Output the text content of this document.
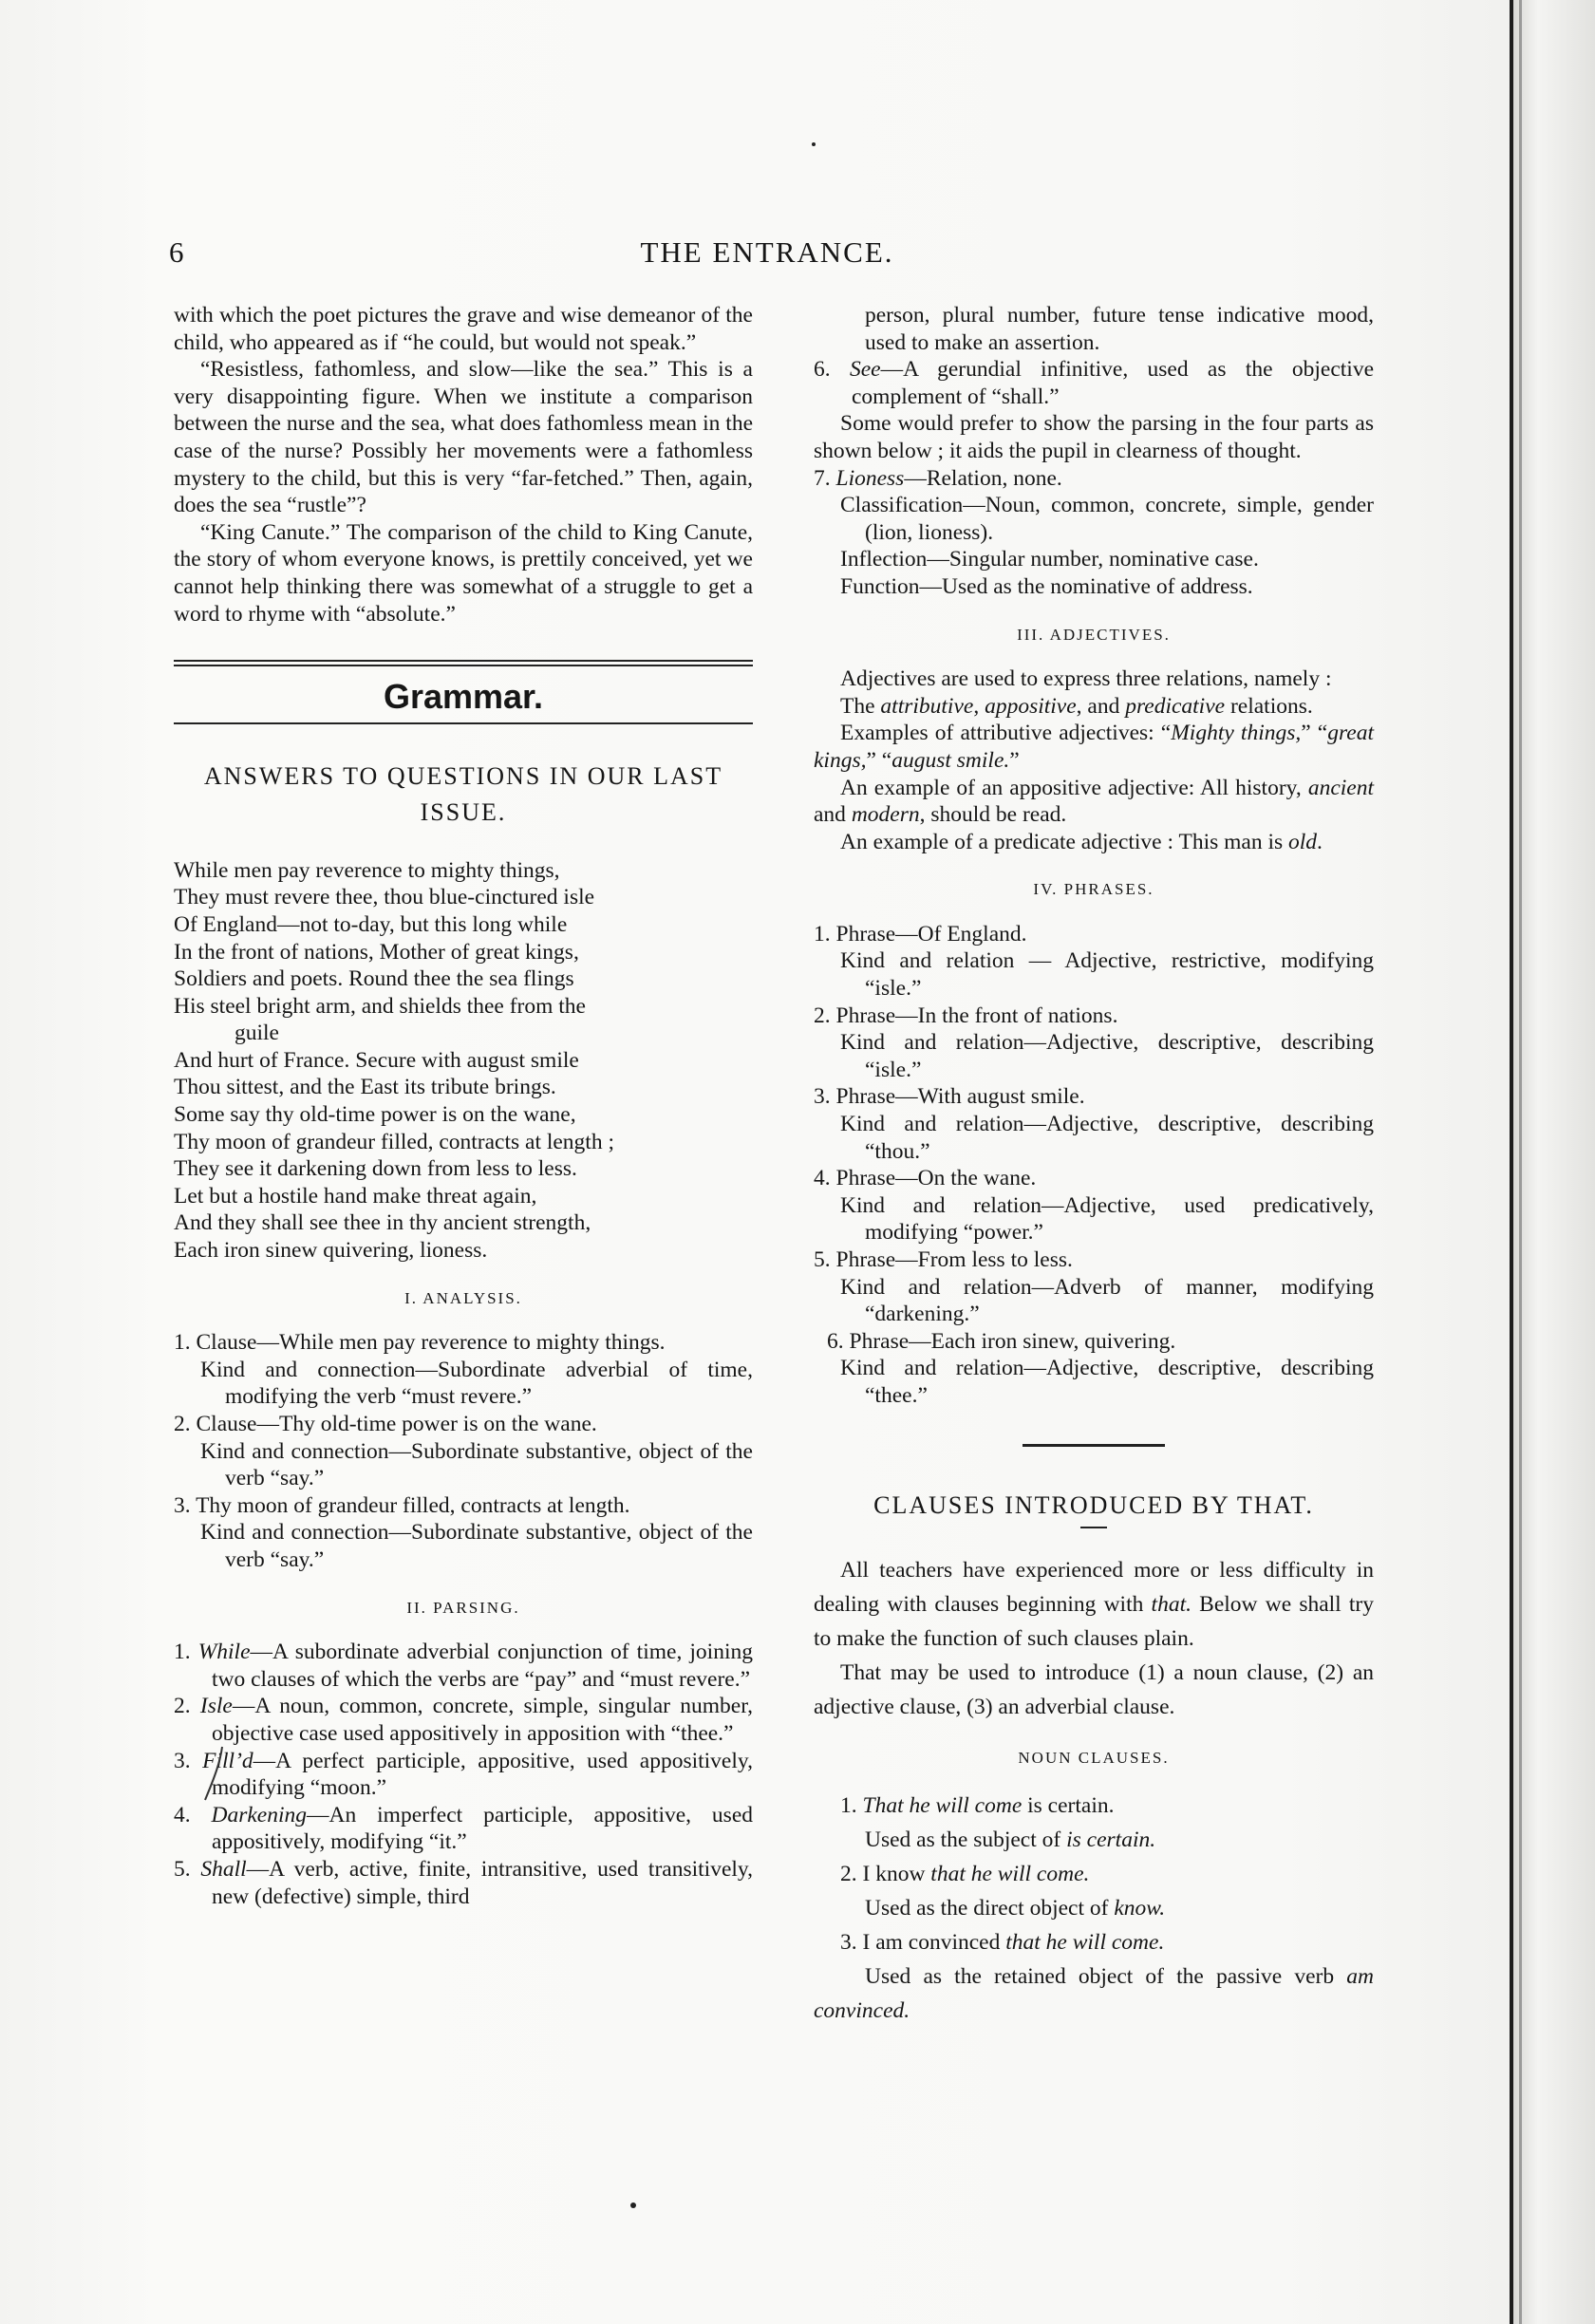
6	THE ENTRANCE.

with which the poet pictures the grave and wise demeanor of the child, who appeared as if “he could, but would not speak.”

“Resistless, fathomless, and slow—like the sea.” This is a very disappointing figure. When we institute a comparison between the nurse and the sea, what does fathomless mean in the case of the nurse? Possibly her movements were a fathomless mystery to the child, but this is very “far-fetched.” Then, again, does the sea “rustle”?

“King Canute.” The comparison of the child to King Canute, the story of whom everyone knows, is prettily conceived, yet we cannot help thinking there was somewhat of a struggle to get a word to rhyme with “absolute.”

Grammar.
ANSWERS TO QUESTIONS IN OUR LAST ISSUE.

While men pay reverence to mighty things,

They must revere thee, thou blue-cinctured isle

Of England—not to-day, but this long while

In the front of nations, Mother of great kings,

Soldiers and poets. Round thee the sea flings

His steel bright arm, and shields thee from the

guile

And hurt of France. Secure with august smile

Thou sittest, and the East its tribute brings.

Some say thy old-time power is on the wane,

Thy moon of grandeur filled, contracts at length ;

They see it darkening down from less to less.

Let but a hostile hand make threat again,

And they shall see thee in thy ancient strength,

Each iron sinew quivering, lioness.

I. ANALYSIS.

1. Clause—While men pay reverence to mighty things.

Kind and connection—Subordinate adverbial of time, modifying the verb “must revere.”

2. Clause—Thy old-time power is on the wane.

Kind and connection—Subordinate substantive, object of the verb “say.”

3. Thy moon of grandeur filled, contracts at length.

Kind and connection—Subordinate substantive, object of the verb “say.”

II. PARSING.

1. While—A subordinate adverbial conjunction of time, joining two clauses of which the verbs are “pay” and “must revere.”

2. Isle—A noun, common, concrete, simple, singular number, objective case used appositively in apposition with “thee.”

3. Fill’d—A perfect participle, appositive, used appositively, modifying “moon.”

4. Darkening—An imperfect participle, appositive, used appositively, modifying “it.”

5. Shall—A verb, active, finite, intransitive, used transitively, new (defective) simple, third

person, plural number, future tense indicative mood, used to make an assertion.

6. See—A gerundial infinitive, used as the objective complement of “shall.”

Some would prefer to show the parsing in the four parts as shown below ; it aids the pupil in clearness of thought.

7. Lioness—Relation, none.

Classification—Noun, common, concrete, simple, gender (lion, lioness).

Inflection—Singular number, nominative case.

Function—Used as the nominative of address.

III. ADJECTIVES.

Adjectives are used to express three relations, namely :

The attributive, appositive, and predicative relations.

Examples of attributive adjectives: “Mighty things,” “great kings,” “august smile.”

An example of an appositive adjective: All history, ancient and modern, should be read.

An example of a predicate adjective : This man is old.

IV. PHRASES.

1. Phrase—Of England.

Kind and relation — Adjective, restrictive, modifying “isle.”

2. Phrase—In the front of nations.

Kind and relation—Adjective, descriptive, describing “isle.”

3. Phrase—With august smile.

Kind and relation—Adjective, descriptive, describing “thou.”

4. Phrase—On the wane.

Kind and relation—Adjective, used predicatively, modifying “power.”

5. Phrase—From less to less.

Kind and relation—Adverb of manner, modifying “darkening.”

6. Phrase—Each iron sinew, quivering.

Kind and relation—Adjective, descriptive, describing “thee.”

CLAUSES INTRODUCED BY THAT.

All teachers have experienced more or less difficulty in dealing with clauses beginning with that. Below we shall try to make the function of such clauses plain.

That may be used to introduce (1) a noun clause, (2) an adjective clause, (3) an adverbial clause.

NOUN CLAUSES.

1. That he will come is certain.

Used as the subject of is certain.

2. I know that he will come.

Used as the direct object of know.

3. I am convinced that he will come.

Used as the retained object of the passive verb am convinced.
